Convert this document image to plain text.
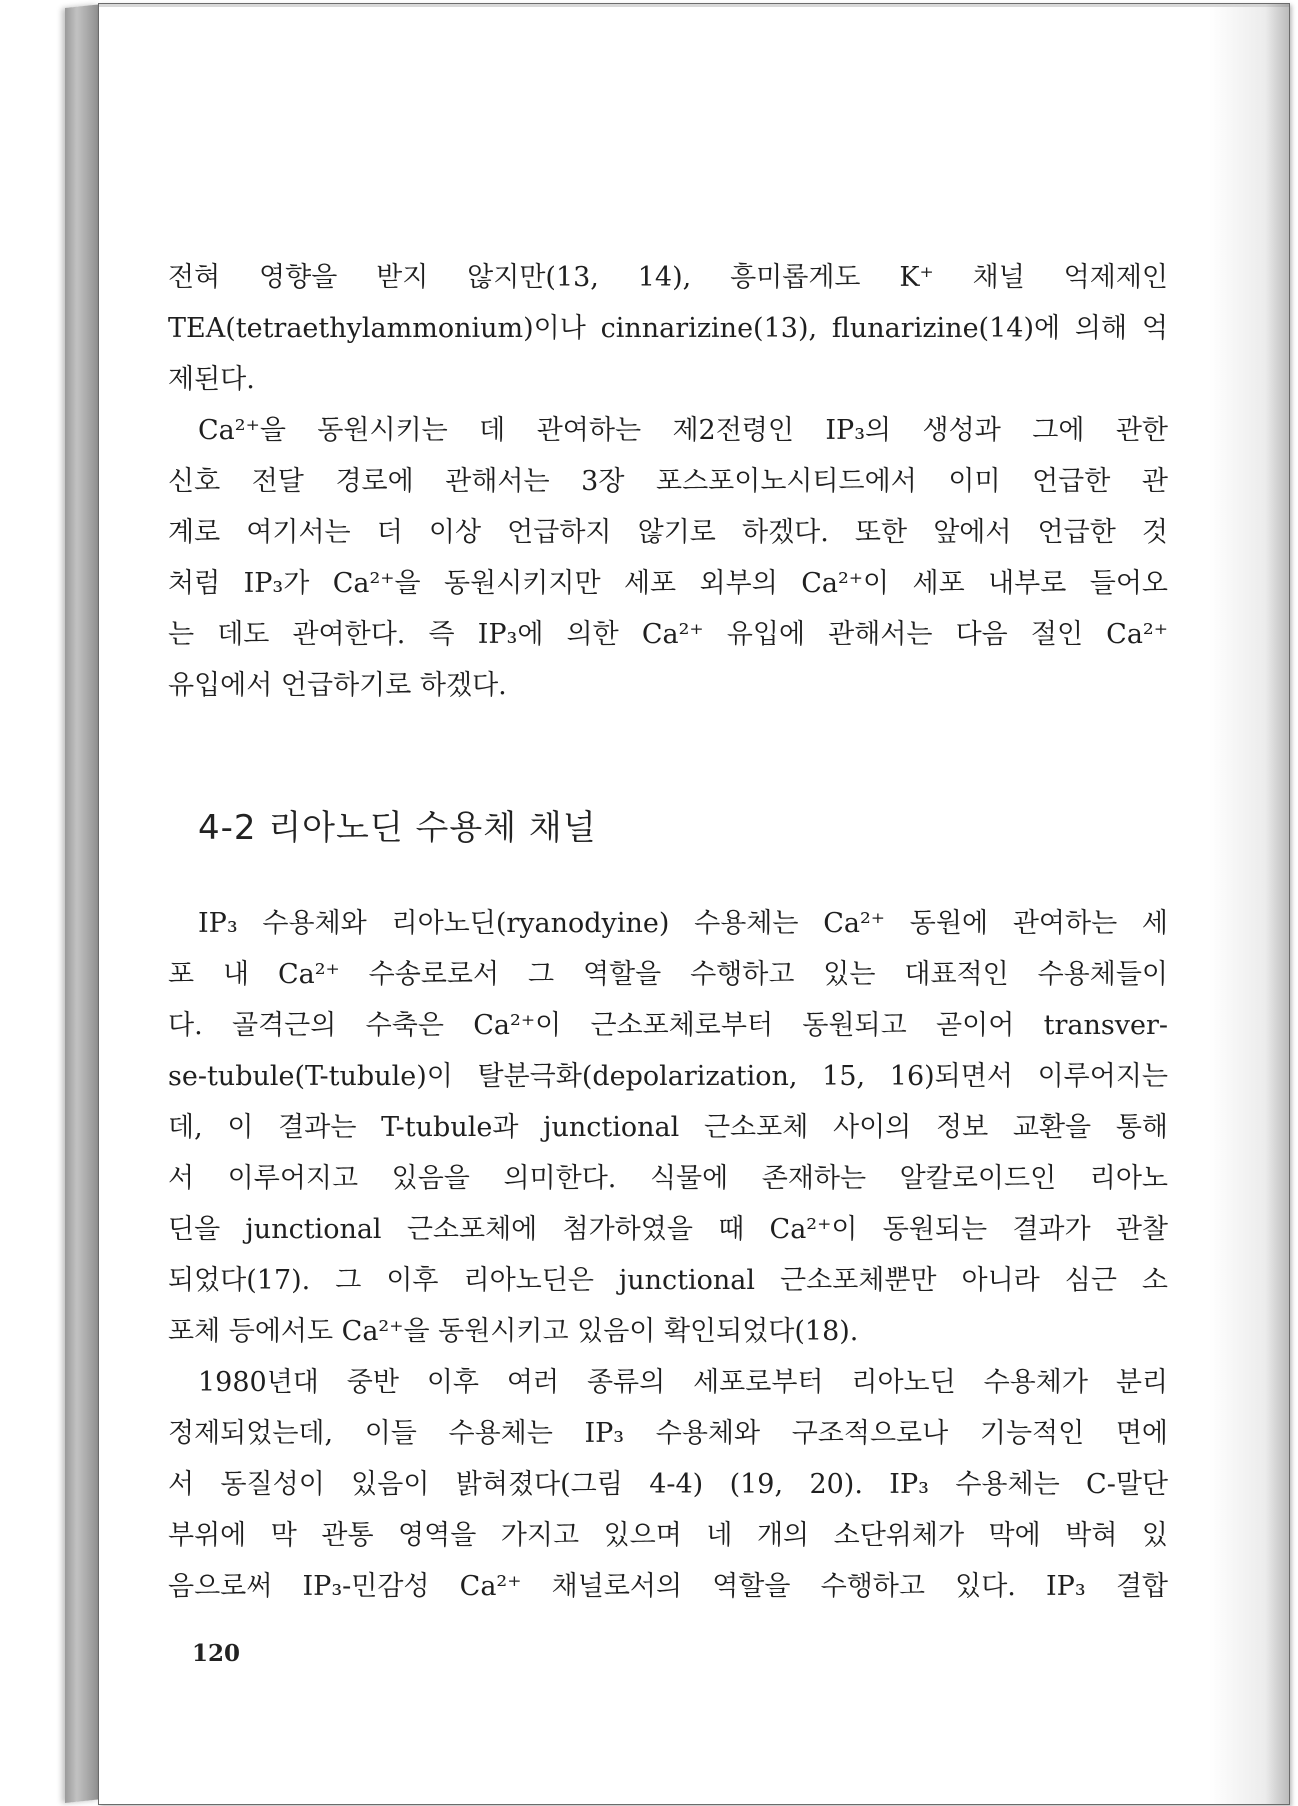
전혀 영향을 받지 않지만(13, 14), 흥미롭게도 K⁺ 채널 억제제인
TEA(tetraethylammonium)이나 cinnarizine(13), flunarizine(14)에 의해 억
제된다.

Ca²⁺을 동원시키는 데 관여하는 제2전령인 IP₃의 생성과 그에 관한
신호 전달 경로에 관해서는 3장 포스포이노시티드에서 이미 언급한 관
계로 여기서는 더 이상 언급하지 않기로 하겠다. 또한 앞에서 언급한 것
처럼 IP₃가 Ca²⁺을 동원시키지만 세포 외부의 Ca²⁺이 세포 내부로 들어오
는 데도 관여한다. 즉 IP₃에 의한 Ca²⁺ 유입에 관해서는 다음 절인 Ca²⁺
유입에서 언급하기로 하겠다.

4-2 리아노딘 수용체 채널

IP₃ 수용체와 리아노딘(ryanodyine) 수용체는 Ca²⁺ 동원에 관여하는 세
포 내 Ca²⁺ 수송로로서 그 역할을 수행하고 있는 대표적인 수용체들이
다. 골격근의 수축은 Ca²⁺이 근소포체로부터 동원되고 곧이어 transver-
se-tubule(T-tubule)이 탈분극화(depolarization, 15, 16)되면서 이루어지는
데, 이 결과는 T-tubule과 junctional 근소포체 사이의 정보 교환을 통해
서 이루어지고 있음을 의미한다. 식물에 존재하는 알칼로이드인 리아노
딘을 junctional 근소포체에 첨가하였을 때 Ca²⁺이 동원되는 결과가 관찰
되었다(17). 그 이후 리아노딘은 junctional 근소포체뿐만 아니라 심근 소
포체 등에서도 Ca²⁺을 동원시키고 있음이 확인되었다(18).

1980년대 중반 이후 여러 종류의 세포로부터 리아노딘 수용체가 분리
정제되었는데, 이들 수용체는 IP₃ 수용체와 구조적으로나 기능적인 면에
서 동질성이 있음이 밝혀졌다(그림 4-4) (19, 20). IP₃ 수용체는 C-말단
부위에 막 관통 영역을 가지고 있으며 네 개의 소단위체가 막에 박혀 있
음으로써 IP₃-민감성 Ca²⁺ 채널로서의 역할을 수행하고 있다. IP₃ 결합

120
